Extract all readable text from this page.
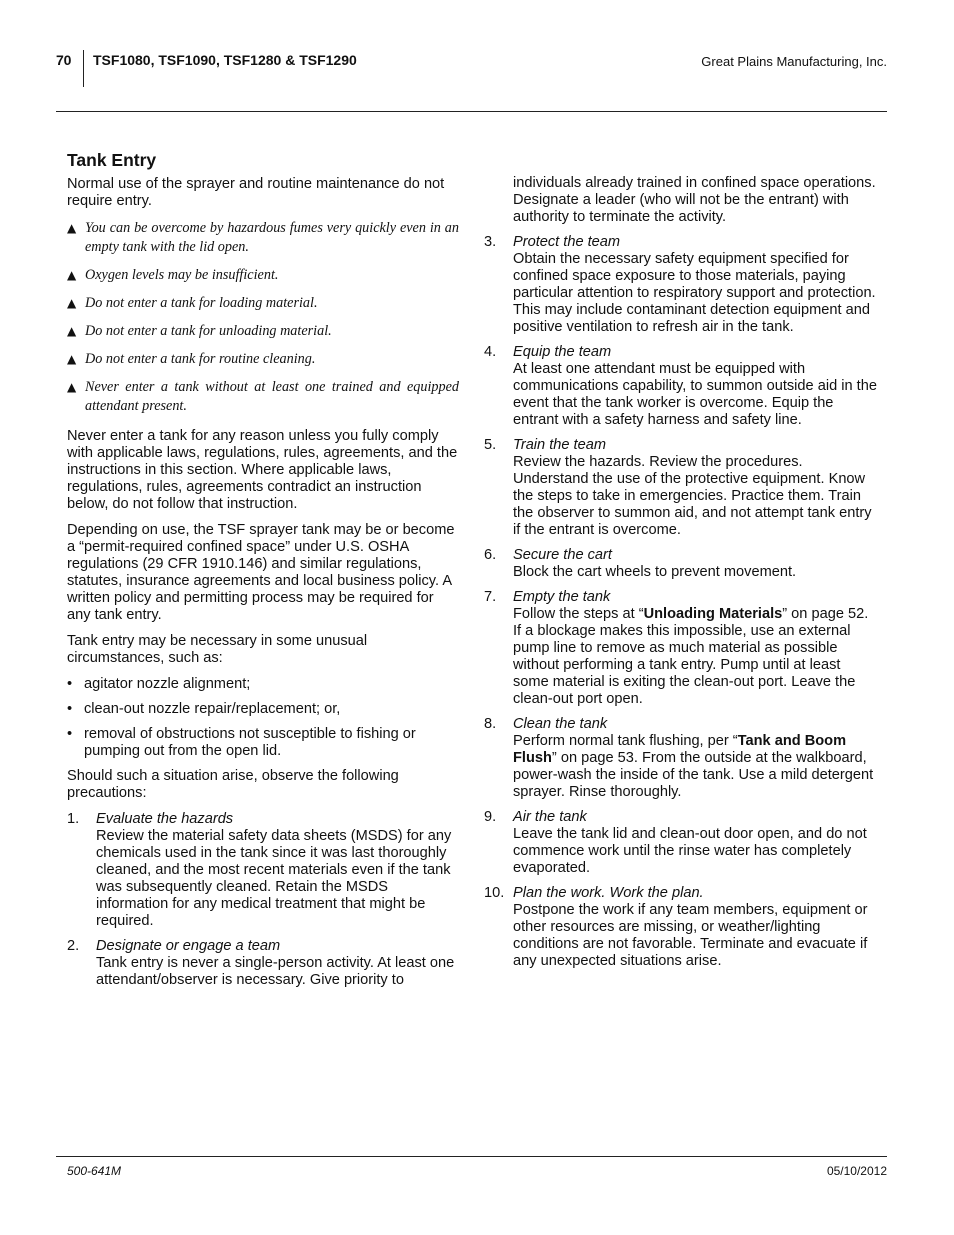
70 TSF1080, TSF1090, TSF1280 & TSF1290	Great Plains Manufacturing, Inc.
Tank Entry

Normal use of the sprayer and routine maintenance do not require entry.

▲ You can be overcome by hazardous fumes very quickly even in an empty tank with the lid open.
▲ Oxygen levels may be insufficient.
▲ Do not enter a tank for loading material.
▲ Do not enter a tank for unloading material.
▲ Do not enter a tank for routine cleaning.
▲ Never enter a tank without at least one trained and equipped attendant present.

Never enter a tank for any reason unless you fully comply with applicable laws, regulations, rules, agreements, and the instructions in this section. Where applicable laws, regulations, rules, agreements contradict an instruction below, do not follow that instruction.

Depending on use, the TSF sprayer tank may be or become a “permit-required confined space” under U.S. OSHA regulations (29 CFR 1910.146) and similar regulations, statutes, insurance agreements and local business policy. A written policy and permitting process may be required for any tank entry.

Tank entry may be necessary in some unusual circumstances, such as:

• agitator nozzle alignment;
• clean-out nozzle repair/replacement; or,
• removal of obstructions not susceptible to fishing or pumping out from the open lid.

Should such a situation arise, observe the following precautions:

1. Evaluate the hazards
Review the material safety data sheets (MSDS) for any chemicals used in the tank since it was last thoroughly cleaned, and the most recent materials even if the tank was subsequently cleaned. Retain the MSDS information for any medical treatment that might be required.
2. Designate or engage a team
Tank entry is never a single-person activity. At least one attendant/observer is necessary. Give priority to
individuals already trained in confined space operations. Designate a leader (who will not be the entrant) with authority to terminate the activity.
3. Protect the team
Obtain the necessary safety equipment specified for confined space exposure to those materials, paying particular attention to respiratory support and protection. This may include contaminant detection equipment and positive ventilation to refresh air in the tank.
4. Equip the team
At least one attendant must be equipped with communications capability, to summon outside aid in the event that the tank worker is overcome. Equip the entrant with a safety harness and safety line.
5. Train the team
Review the hazards. Review the procedures. Understand the use of the protective equipment. Know the steps to take in emergencies. Practice them. Train the observer to summon aid, and not attempt tank entry if the entrant is overcome.
6. Secure the cart
Block the cart wheels to prevent movement.
7. Empty the tank
Follow the steps at “Unloading Materials” on page 52. If a blockage makes this impossible, use an external pump line to remove as much material as possible without performing a tank entry. Pump until at least some material is exiting the clean-out port. Leave the clean-out port open.
8. Clean the tank
Perform normal tank flushing, per “Tank and Boom Flush” on page 53. From the outside at the walkboard, power-wash the inside of the tank. Use a mild detergent sprayer. Rinse thoroughly.
9. Air the tank
Leave the tank lid and clean-out door open, and do not commence work until the rinse water has completely evaporated.
10. Plan the work. Work the plan.
Postpone the work if any team members, equipment or other resources are missing, or weather/lighting conditions are not favorable. Terminate and evacuate if any unexpected situations arise.
500-641M	05/10/2012
